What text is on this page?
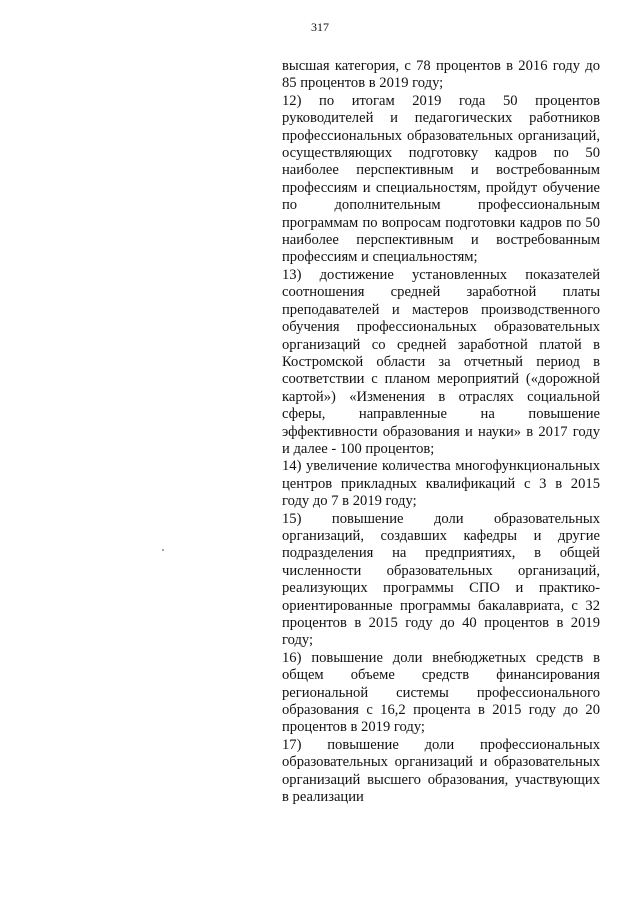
317

высшая категория, с 78 процентов в 2016 году до 85 процентов в 2019 году;

12) по итогам 2019 года 50 процентов руководителей и педагогических работников профессиональных образовательных организаций, осуществляющих подготовку кадров по 50 наиболее перспективным и востребованным профессиям и специальностям, пройдут обучение по дополнительным профессиональным программам по вопросам подготовки кадров по 50 наиболее перспективным и востребованным профессиям и специальностям;

13) достижение установленных показателей соотношения средней заработной платы преподавателей и мастеров производственного обучения профессиональных образовательных организаций со средней заработной платой в Костромской области за отчетный период в соответствии с планом мероприятий («дорожной картой») «Изменения в отраслях социальной сферы, направленные на повышение эффективности образования и науки» в 2017 году и далее - 100 процентов;

14) увеличение количества многофункциональных центров прикладных квалификаций с 3 в 2015 году до 7 в 2019 году;

15) повышение доли образовательных организаций, создавших кафедры и другие подразделения на предприятиях, в общей численности образовательных организаций, реализующих программы СПО и практико-ориентированные программы бакалавриата, с 32 процентов в 2015 году до 40 процентов в 2019 году;

16) повышение доли внебюджетных средств в общем объеме средств финансирования региональной системы профессионального образования с 16,2 процента в 2015 году до 20 процентов в 2019 году;

17) повышение доли профессиональных образовательных организаций и образовательных организаций высшего образования, участвующих в реализации
